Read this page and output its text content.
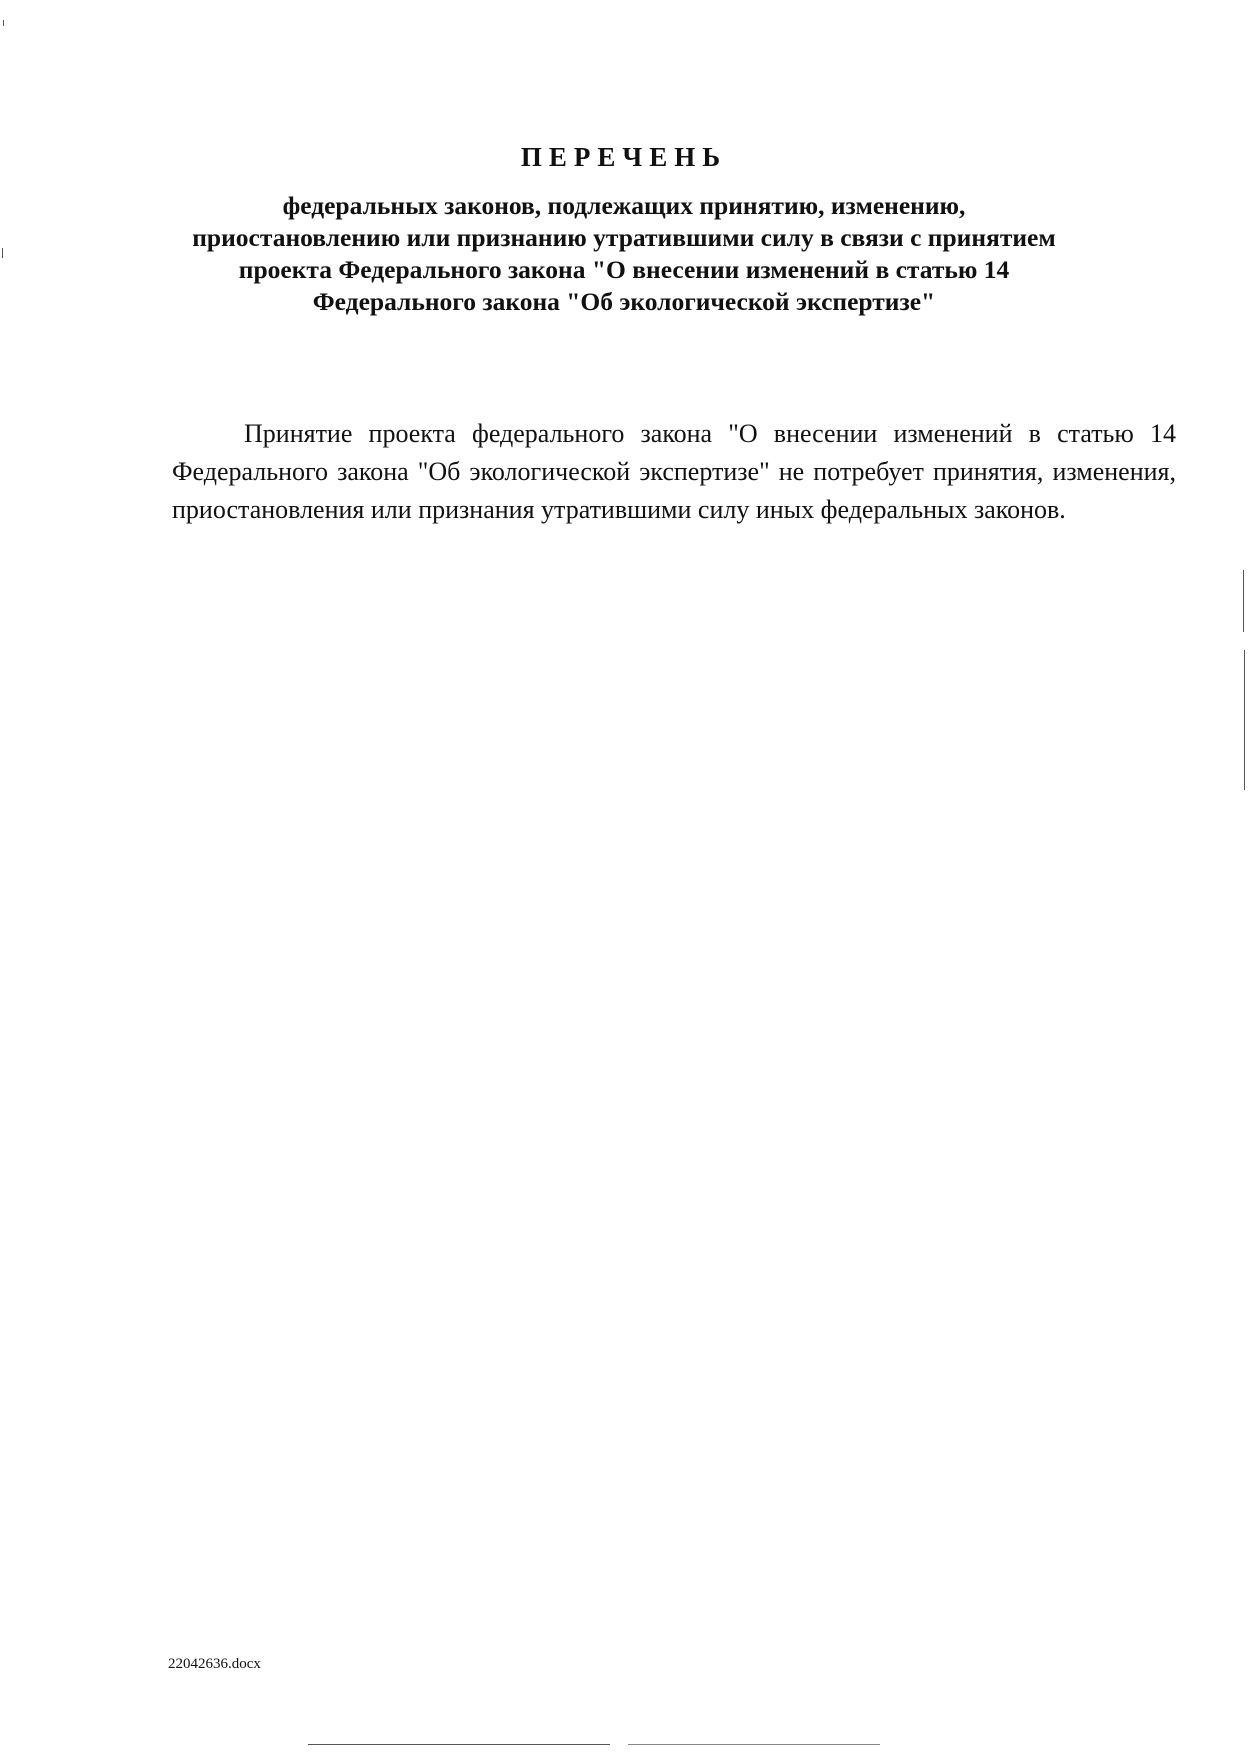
ПЕРЕЧЕНЬ
федеральных законов, подлежащих принятию, изменению,
приостановлению или признанию утратившими силу в связи с принятием
проекта Федерального закона "О внесении изменений в статью 14
Федерального закона "Об экологической экспертизе"

Принятие проекта федерального закона "О внесении изменений в статью 14 Федерального закона "Об экологической экспертизе" не потребует принятия, изменения, приостановления или признания утратившими силу иных федеральных законов.

22042636.docx
